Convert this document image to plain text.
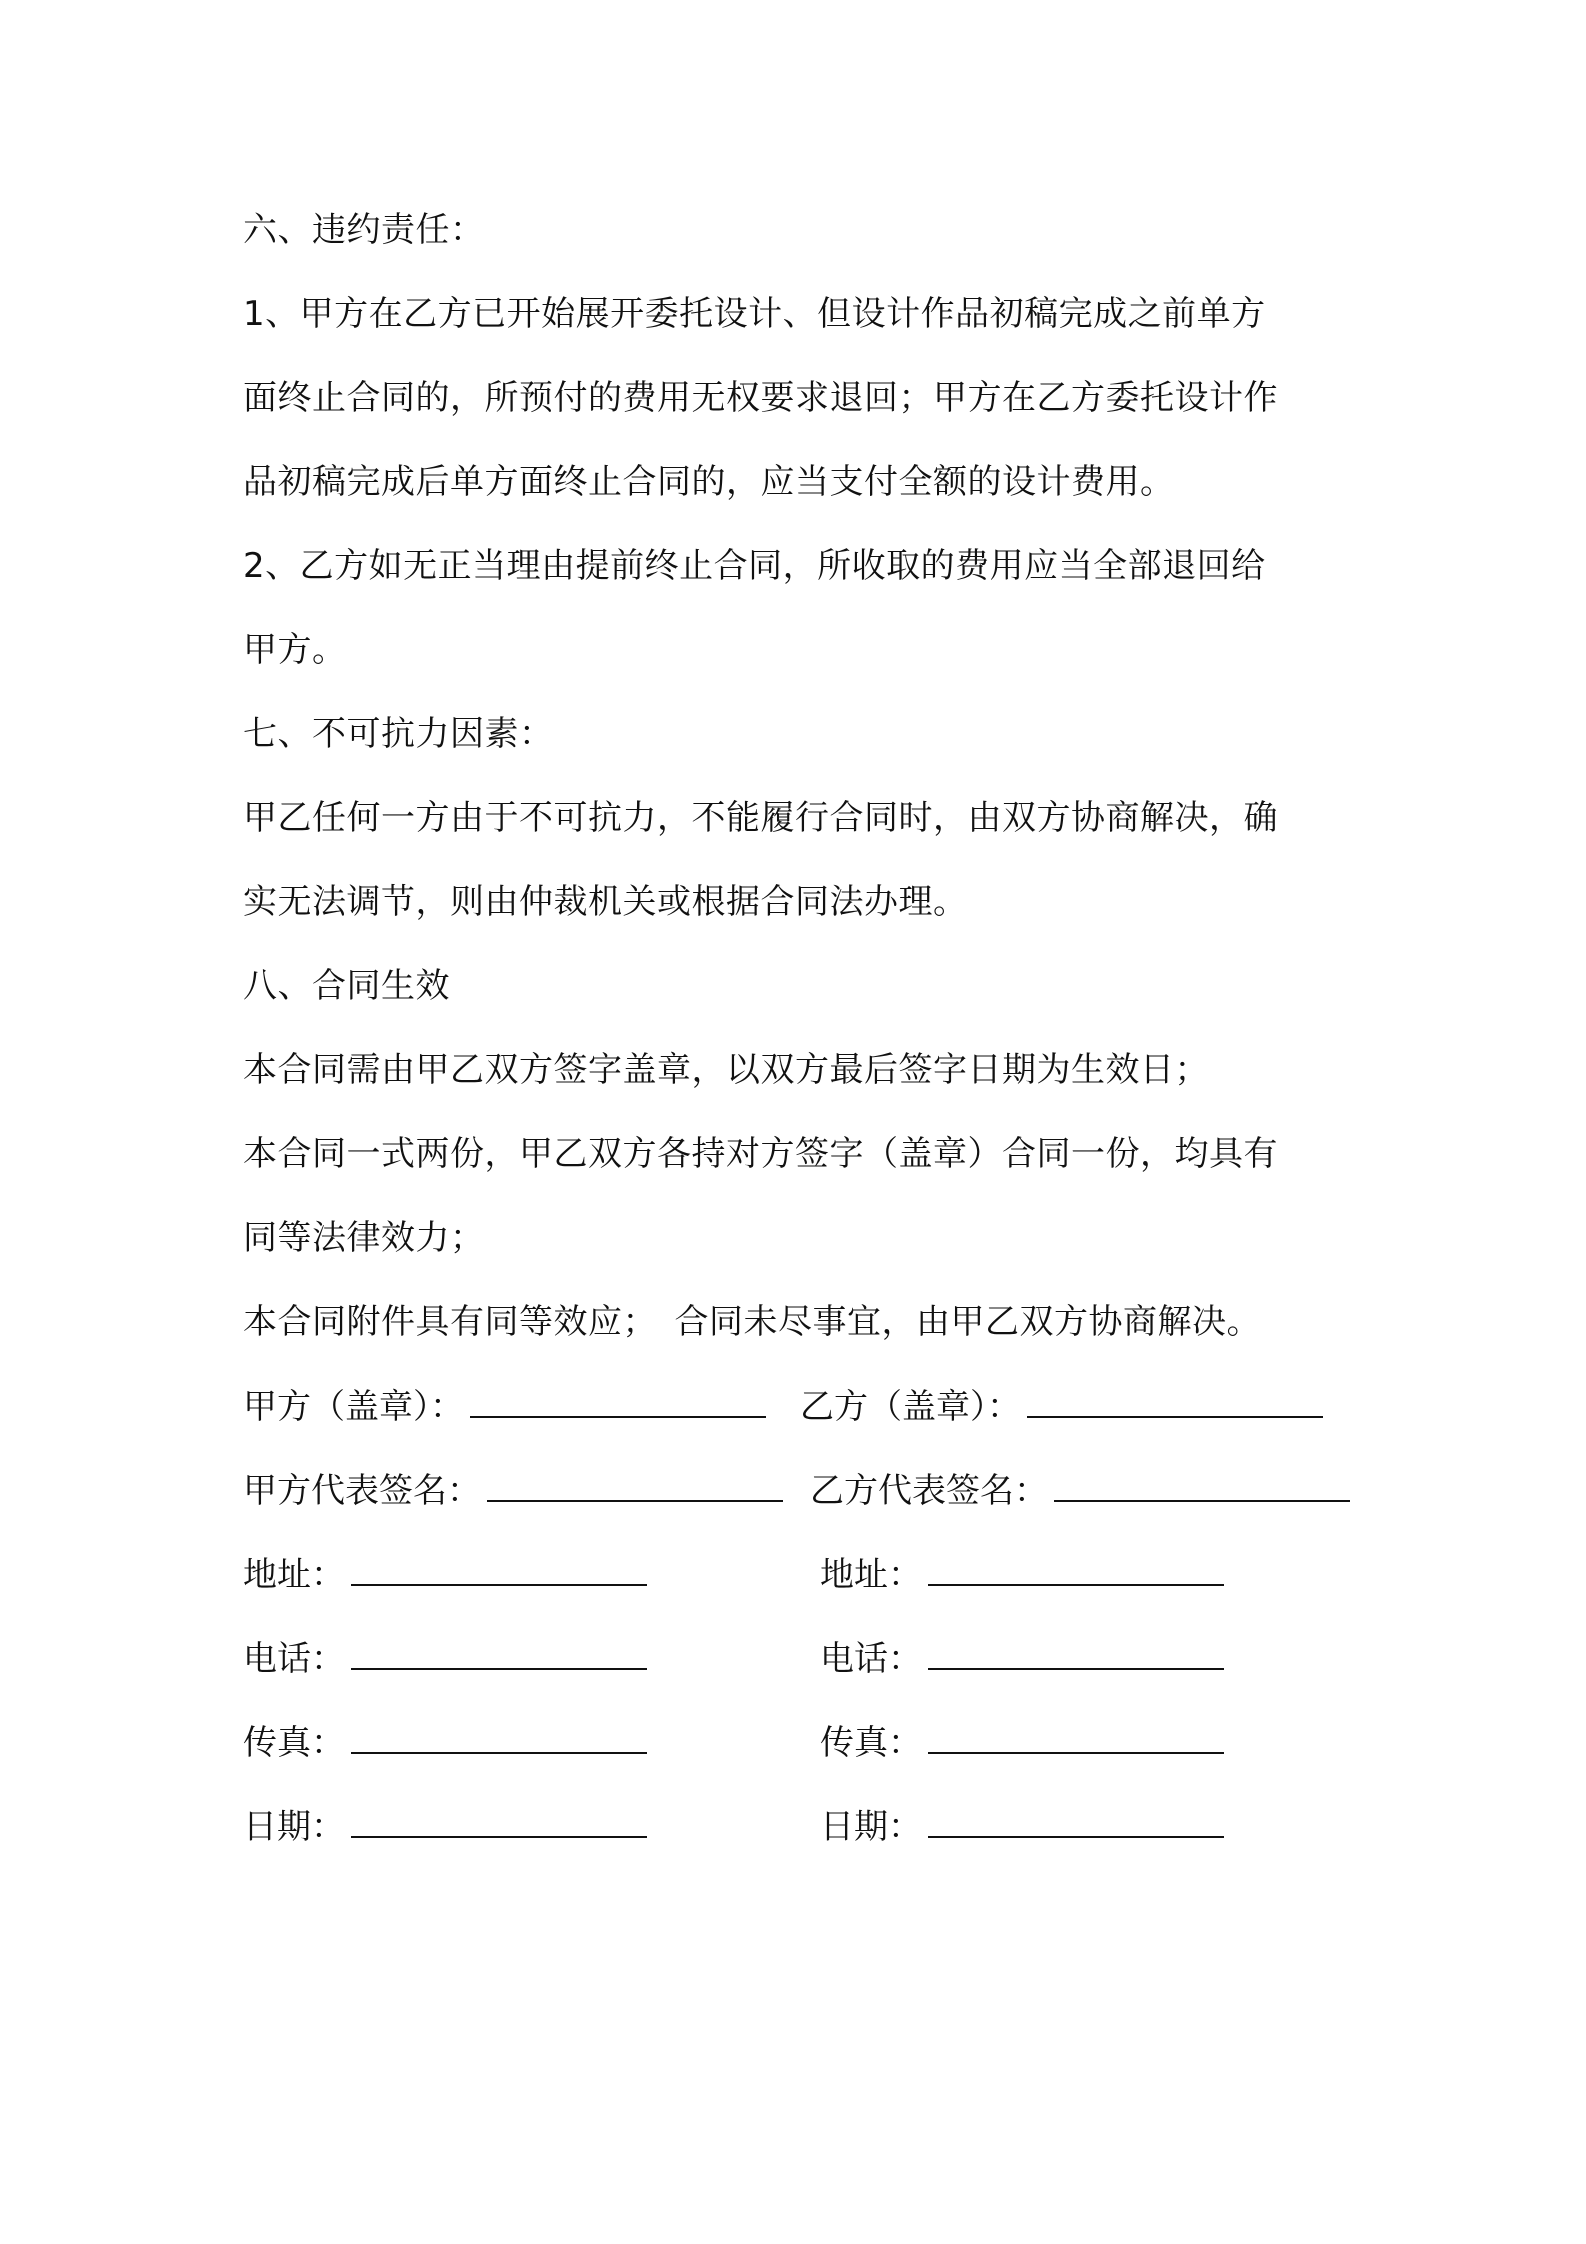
六、违约责任：
1、甲方在乙方已开始展开委托设计、但设计作品初稿完成之前单方
面终止合同的，所预付的费用无权要求退回；甲方在乙方委托设计作
品初稿完成后单方面终止合同的，应当支付全额的设计费用。
2、乙方如无正当理由提前终止合同，所收取的费用应当全部退回给
甲方。
七、不可抗力因素：
甲乙任何一方由于不可抗力，不能履行合同时，由双方协商解决，确
实无法调节，则由仲裁机关或根据合同法办理。
八、合同生效
本合同需由甲乙双方签字盖章，以双方最后签字日期为生效日；
本合同一式两份，甲乙双方各持对方签字（盖章）合同一份，均具有
同等法律效力；
本合同附件具有同等效应；　合同未尽事宜，由甲乙双方协商解决。
甲方（盖章）：	乙方（盖章）：
甲方代表签名：	乙方代表签名：
地址：	地址：
电话：	电话：
传真：	传真：
日期：	日期：
